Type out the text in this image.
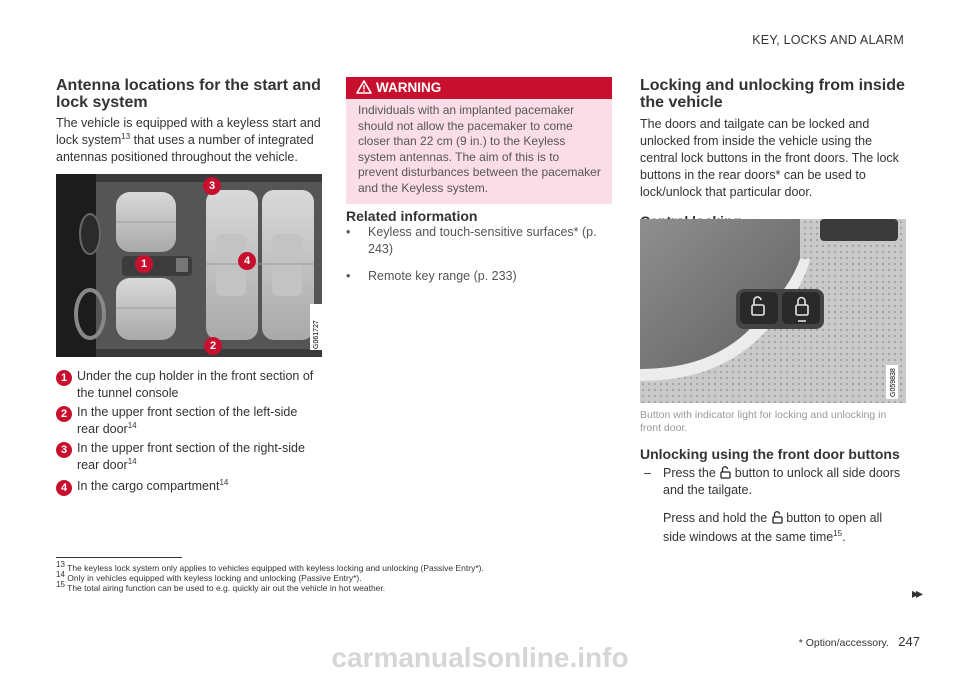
KEY, LOCKS AND ALARM
Antenna locations for the start and lock system
The vehicle is equipped with a keyless start and lock system$^{13}$ that uses a number of integrated antennas positioned throughout the vehicle.
G061727
3
1	4
2
1 Under the cup holder in the front section of the tunnel console
2 In the upper front section of the left-side rear door$^{14}$
3 In the upper front section of the right-side rear door$^{14}$
4 In the cargo compartment$^{14}$
WARNING
Individuals with an implanted pacemaker should not allow the pacemaker to come closer than 22 cm (9 in.) to the Keyless system antennas. The aim of this is to prevent disturbances between the pacemaker and the Keyless system.
Related information
• Keyless and touch-sensitive surfaces* (p. 243)
• Remote key range (p. 233)
Locking and unlocking from inside the vehicle
The doors and tailgate can be locked and unlocked from inside the vehicle using the central lock buttons in the front doors. The lock buttons in the rear doors* can be used to lock/unlock that particular door.
G059838
Button with indicator light for locking and unlocking in front door.
Unlocking using the front door buttons
– Press the button to unlock all side doors and the tailgate.
Press and hold the button to open all side windows at the same time$^{15}$.
$^{13}$ The keyless lock system only applies to vehicles equipped with keyless locking and unlocking (Passive Entry*).
$^{14}$ Only in vehicles equipped with keyless locking and unlocking (Passive Entry*).
$^{15}$ The total airing function can be used to e.g. quickly air out the vehicle in hot weather.	▸▸
* Option/accessory. 247
carmanualsonline.info
